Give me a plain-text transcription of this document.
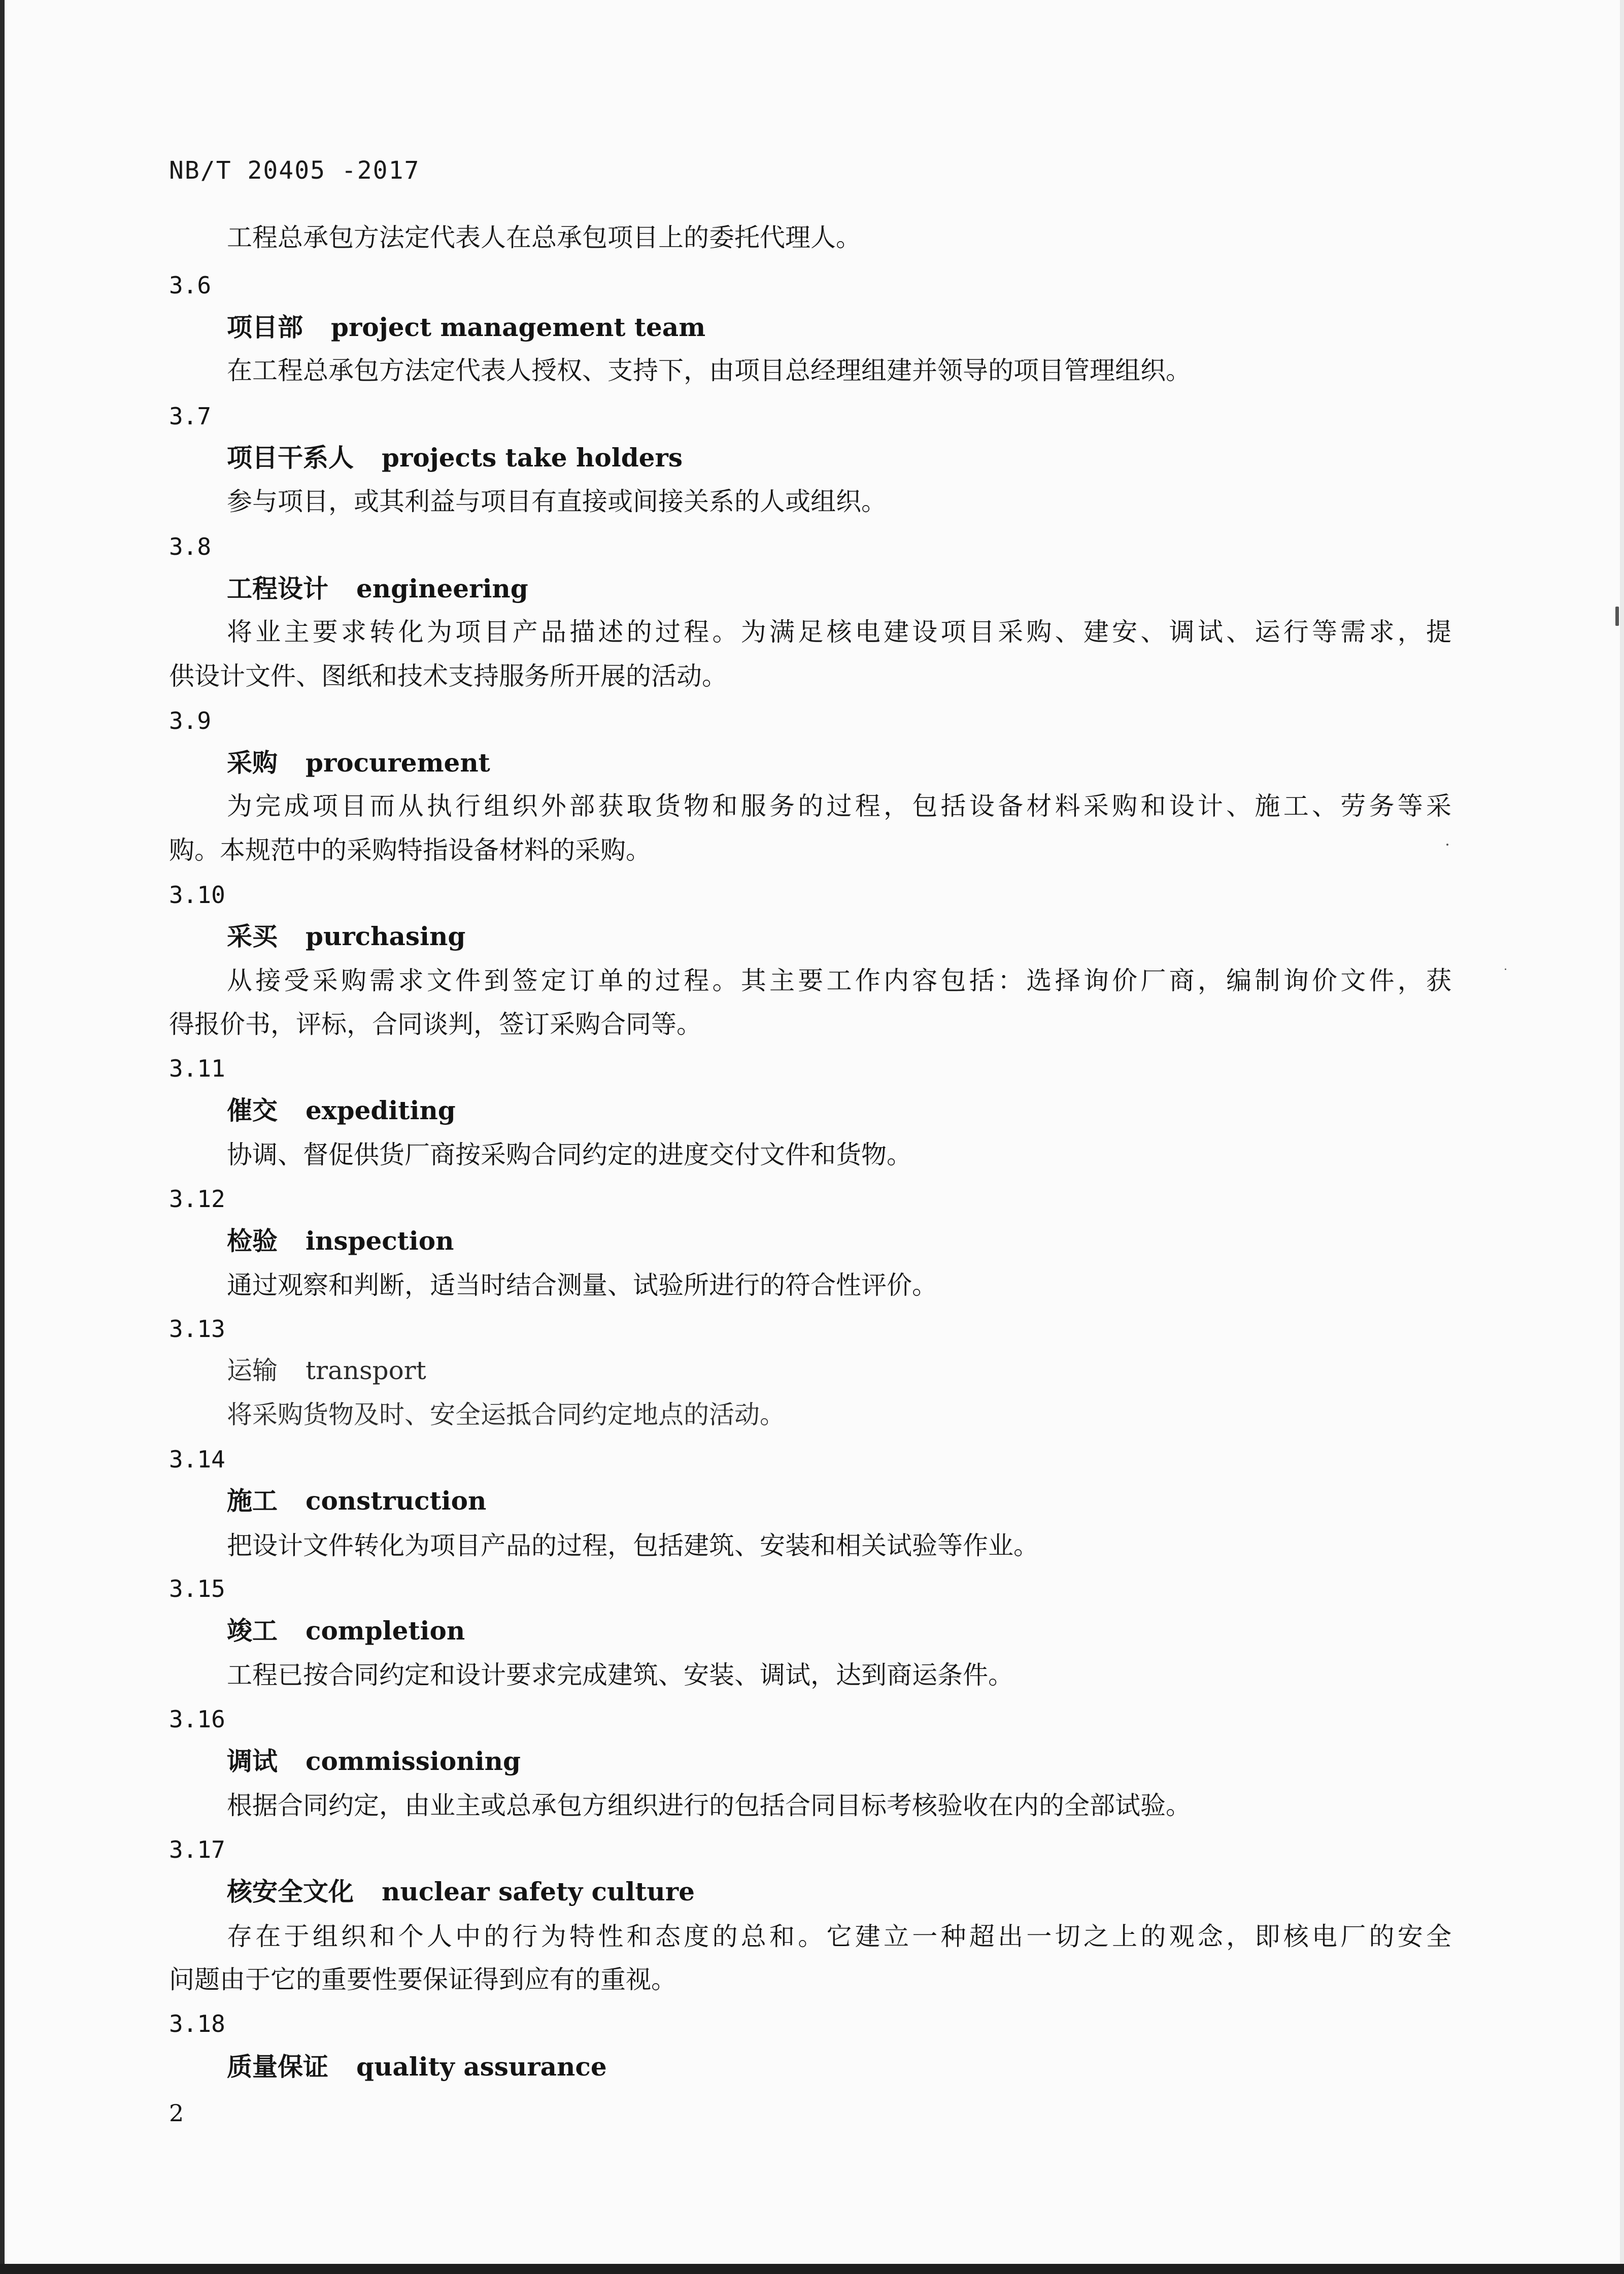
NB/T 20405 -2017
工程总承包方法定代表人在总承包项目上的委托代理人。
3.6
项目部 project management team
在工程总承包方法定代表人授权、支持下，由项目总经理组建并领导的项目管理组织。
3.7
项目干系人 projects take holders
参与项目，或其利益与项目有直接或间接关系的人或组织。
3.8
工程设计 engineering
将业主要求转化为项目产品描述的过程。为满足核电建设项目采购、建安、调试、运行等需求，提
供设计文件、图纸和技术支持服务所开展的活动。
3.9
采购 procurement
为完成项目而从执行组织外部获取货物和服务的过程，包括设备材料采购和设计、施工、劳务等采
购。本规范中的采购特指设备材料的采购。
3.10
采买 purchasing
从接受采购需求文件到签定订单的过程。其主要工作内容包括：选择询价厂商，编制询价文件，获
得报价书，评标，合同谈判，签订采购合同等。
3.11
催交 expediting
协调、督促供货厂商按采购合同约定的进度交付文件和货物。
3.12
检验 inspection
通过观察和判断，适当时结合测量、试验所进行的符合性评价。
3.13
运输 transport
将采购货物及时、安全运抵合同约定地点的活动。
3.14
施工 construction
把设计文件转化为项目产品的过程，包括建筑、安装和相关试验等作业。
3.15
竣工 completion
工程已按合同约定和设计要求完成建筑、安装、调试，达到商运条件。
3.16
调试 commissioning
根据合同约定，由业主或总承包方组织进行的包括合同目标考核验收在内的全部试验。
3.17
核安全文化 nuclear safety culture
存在于组织和个人中的行为特性和态度的总和。它建立一种超出一切之上的观念，即核电厂的安全
问题由于它的重要性要保证得到应有的重视。
3.18
质量保证 quality assurance
2
